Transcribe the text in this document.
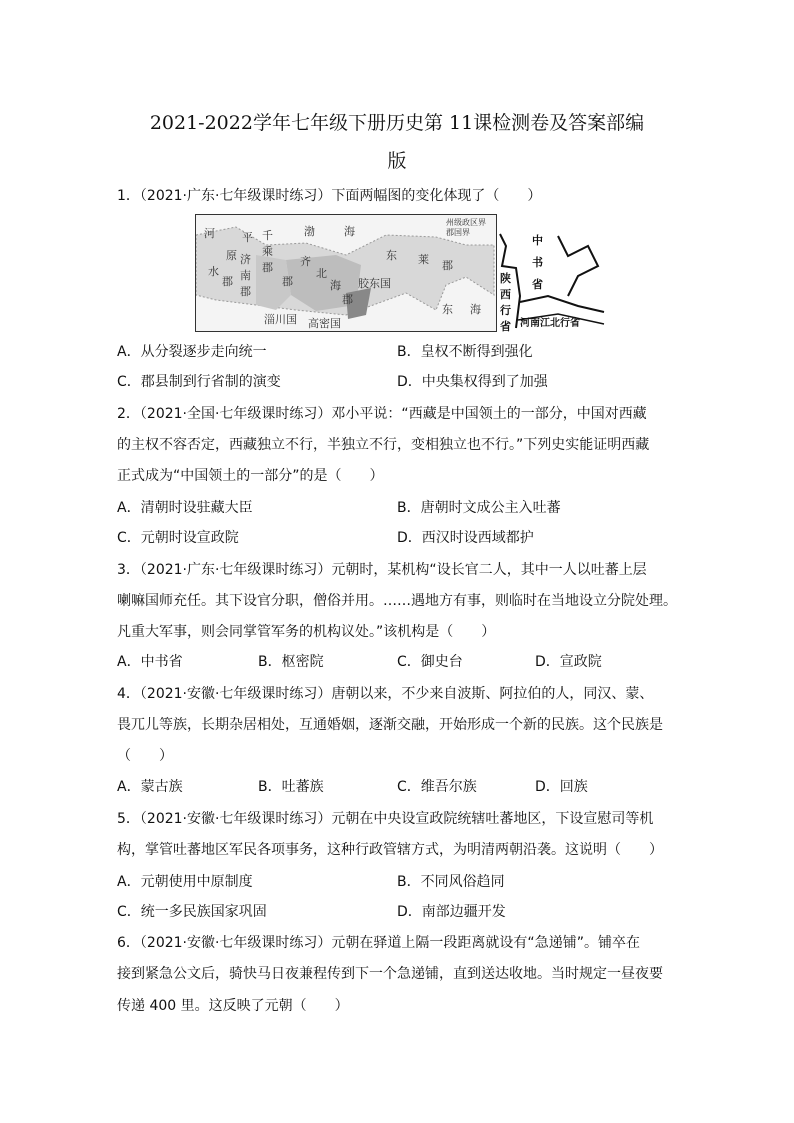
2021-2022学年七年级下册历史第 11课检测卷及答案部编
版
1．（2021·广东·七年级课时练习）下面两幅图的变化体现了（　　）
河 平
原
水
郡
千
乘
郡
济
南
郡
齐
郡
北
海
郡
渤	海
东 莱 郡
胶东国
东 海
淄川国 高密国
州级政区界
郡国界
中
书
省
陕
西
行
省 河南江北行省
A．从分裂逐步走向统一	B．皇权不断得到强化
C．郡县制到行省制的演变	D．中央集权得到了加强
2．（2021·全国·七年级课时练习）邓小平说：“西藏是中国领土的一部分，中国对西藏
的主权不容否定，西藏独立不行，半独立不行，变相独立也不行。”下列史实能证明西藏
正式成为“中国领土的一部分”的是（　　）
A．清朝时设驻藏大臣	B．唐朝时文成公主入吐蕃
C．元朝时设宣政院	D．西汉时设西域都护
3．（2021·广东·七年级课时练习）元朝时，某机构“设长官二人，其中一人以吐蕃上层
喇嘛国师充任。其下设官分职，僧俗并用。……遇地方有事，则临时在当地设立分院处理。
凡重大军事，则会同掌管军务的机构议处。”该机构是（　　）
A．中书省	B．枢密院	C．御史台	D．宣政院
4．（2021·安徽·七年级课时练习）唐朝以来，不少来自波斯、阿拉伯的人，同汉、蒙、
畏兀儿等族，长期杂居相处，互通婚姻，逐渐交融，开始形成一个新的民族。这个民族是
（　　）
A．蒙古族	B．吐蕃族	C．维吾尔族	D．回族
5．（2021·安徽·七年级课时练习）元朝在中央设宣政院统辖吐蕃地区，下设宣慰司等机
构，掌管吐蕃地区军民各项事务，这种行政管辖方式，为明清两朝沿袭。这说明（　　）
A．元朝使用中原制度	B．不同风俗趋同
C．统一多民族国家巩固	D．南部边疆开发
6．（2021·安徽·七年级课时练习）元朝在驿道上隔一段距离就设有“急递铺”。铺卒在
接到紧急公文后，骑快马日夜兼程传到下一个急递铺，直到送达收地。当时规定一昼夜要
传递 400 里。这反映了元朝（　　）
